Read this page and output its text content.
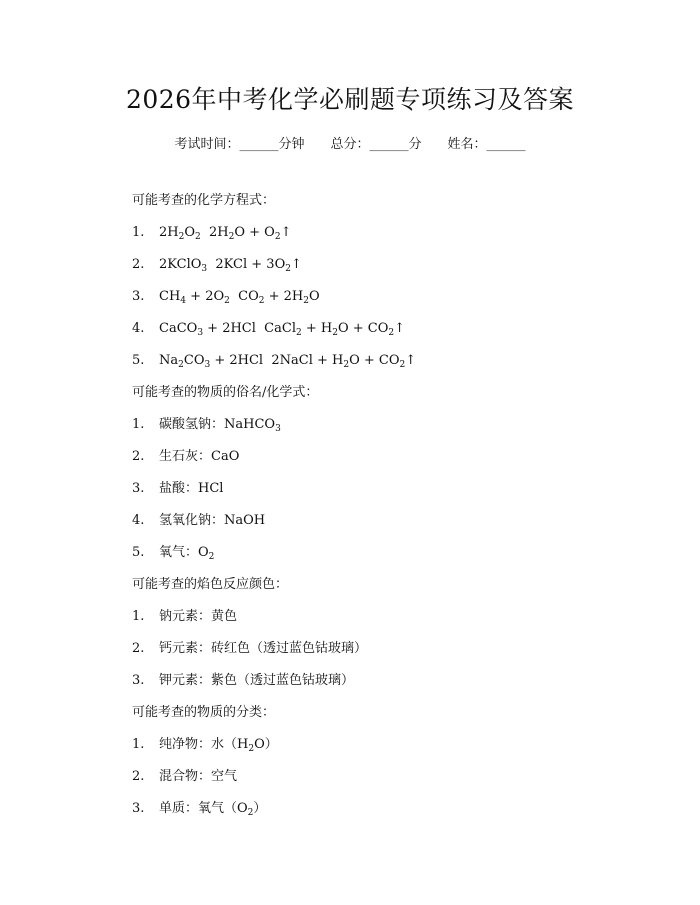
2026年中考化学必刷题专项练习及答案
考试时间：______分钟 总分：______分 姓名：______
可能考查的化学方程式：
1. $2H_2O_2$  $2H_2O$ + $O_2↑$
2. 2KClO$_3$  $2KCl + 3O_2↑$
3. $CH_4 + 2O_2$  $CO_2 + 2H_2O$
4. CaCO$_3$ + 2HCl  CaCl$_2$ + $H_2O$ + $CO_2↑$
5. $Na_2CO_3 + 2HCl$  2NaCl + $H_2O$ + $CO_2↑$
可能考查的物质的俗名/化学式：
1. 碳酸氢钠：NaHCO$_3$
2. 生石灰：CaO
3. 盐酸：HCl
4. 氢氧化钠：NaOH
5. 氧气：$O_2$
可能考查的焰色反应颜色：
1. 钠元素：黄色
2. 钙元素：砖红色（透过蓝色钴玻璃）
3. 钾元素：紫色（透过蓝色钴玻璃）
可能考查的物质的分类：
1. 纯净物：水$(H_2O)$
2. 混合物：空气
3. 单质：氧气$(O_2)$
